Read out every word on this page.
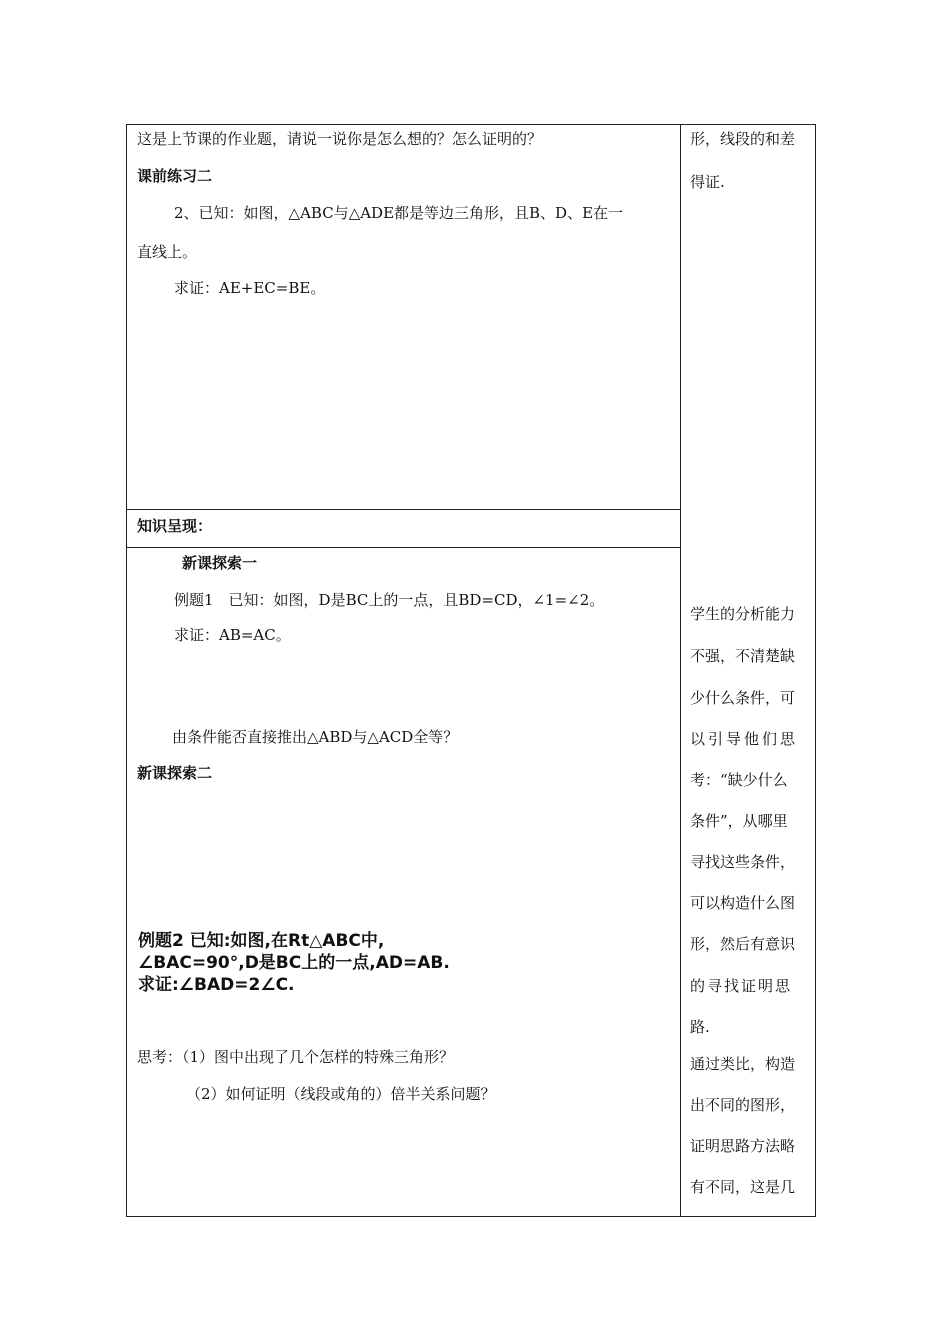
这是上节课的作业题，请说一说你是怎么想的？怎么证明的？
课前练习二
2、已知：如图，△ABC与△ADE都是等边三角形，且B、D、E在一
直线上。
求证：AE+EC=BE。
知识呈现：
新课探索一
例题1　已知：如图，D是BC上的一点，且BD=CD，∠1=∠2。
求证：AB=AC。
由条件能否直接推出△ABD与△ACD全等？
新课探索二
例题2 已知:如图,在Rt△ABC中,
∠BAC=90°,D是BC上的一点,AD=AB.
求证:∠BAD=2∠C.
思考：（1）图中出现了几个怎样的特殊三角形？
（2）如何证明（线段或角的）倍半关系问题？
形，线段的和差
得证.
学生的分析能力
不强，不清楚缺
少什么条件，可
以引导他们思
考：“缺少什么
条件”，从哪里
寻找这些条件，
可以构造什么图
形，然后有意识
的寻找证明思
路.
通过类比，构造
出不同的图形，
证明思路方法略
有不同，这是几
